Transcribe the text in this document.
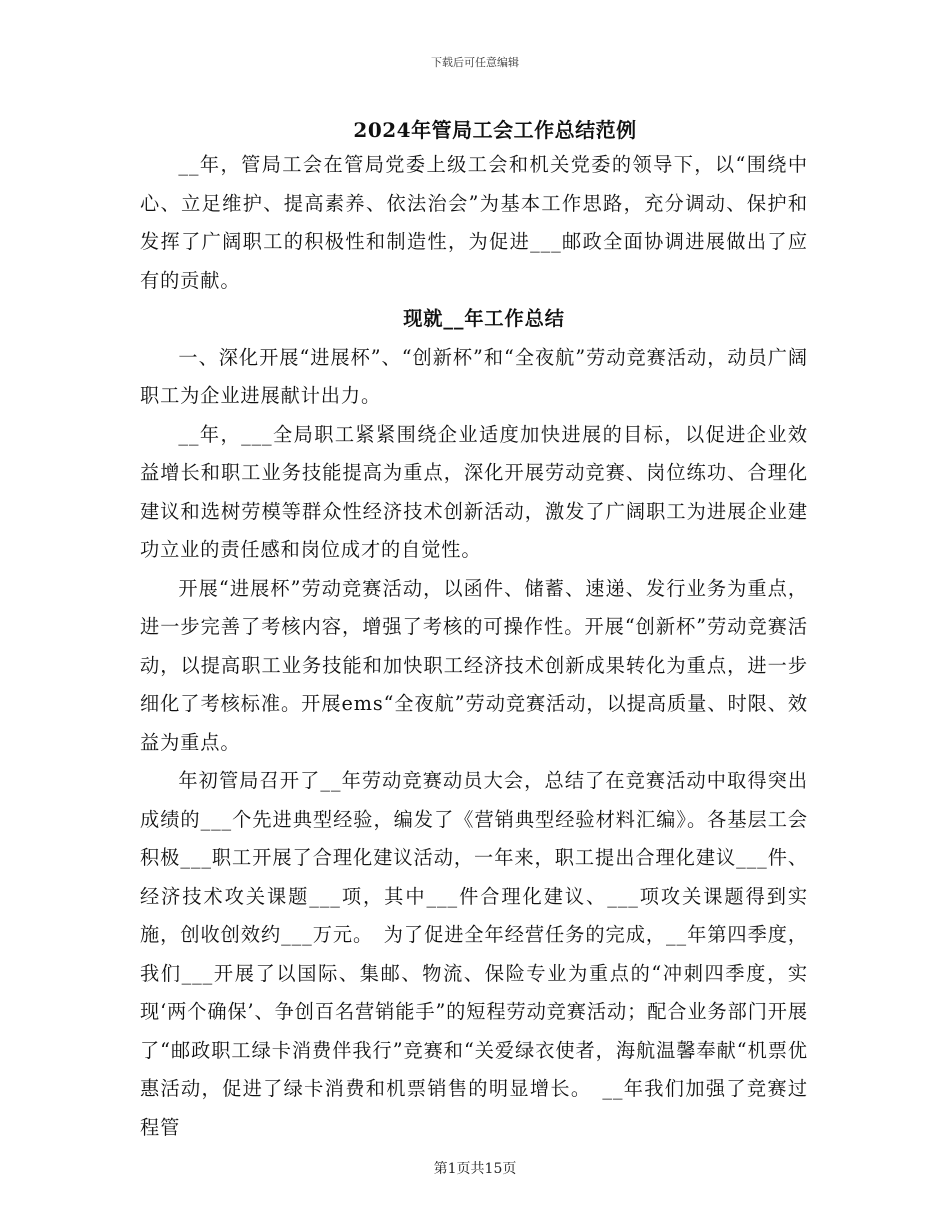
下载后可任意编辑
2024年管局工会工作总结范例

__年，管局工会在管局党委上级工会和机关党委的领导下，以“围绕中心、立足维护、提高素养、依法治会”为基本工作思路，充分调动、保护和发挥了广阔职工的积极性和制造性，为促进___邮政全面协调进展做出了应有的贡献。

现就__年工作总结

一、深化开展“进展杯”、“创新杯”和“全夜航”劳动竞赛活动，动员广阔职工为企业进展献计出力。

__年，___全局职工紧紧围绕企业适度加快进展的目标，以促进企业效益增长和职工业务技能提高为重点，深化开展劳动竞赛、岗位练功、合理化建议和选树劳模等群众性经济技术创新活动，激发了广阔职工为进展企业建功立业的责任感和岗位成才的自觉性。

开展“进展杯”劳动竞赛活动，以函件、储蓄、速递、发行业务为重点，进一步完善了考核内容，增强了考核的可操作性。开展“创新杯”劳动竞赛活动，以提高职工业务技能和加快职工经济技术创新成果转化为重点，进一步细化了考核标准。开展ems“全夜航”劳动竞赛活动，以提高质量、时限、效益为重点。

年初管局召开了__年劳动竞赛动员大会，总结了在竞赛活动中取得突出成绩的___个先进典型经验，编发了《营销典型经验材料汇编》。各基层工会积极___职工开展了合理化建议活动，一年来，职工提出合理化建议___件、经济技术攻关课题___项，其中___件合理化建议、___项攻关课题得到实施，创收创效约___万元。　为了促进全年经营任务的完成，__年第四季度，我们___开展了以国际、集邮、物流、保险专业为重点的“冲刺四季度，实现‘两个确保’、争创百名营销能手”的短程劳动竞赛活动；配合业务部门开展了“邮政职工绿卡消费伴我行”竞赛和“关爱绿衣使者，海航温馨奉献“机票优惠活动，促进了绿卡消费和机票销售的明显增长。　__年我们加强了竞赛过程管

第1页共15页
